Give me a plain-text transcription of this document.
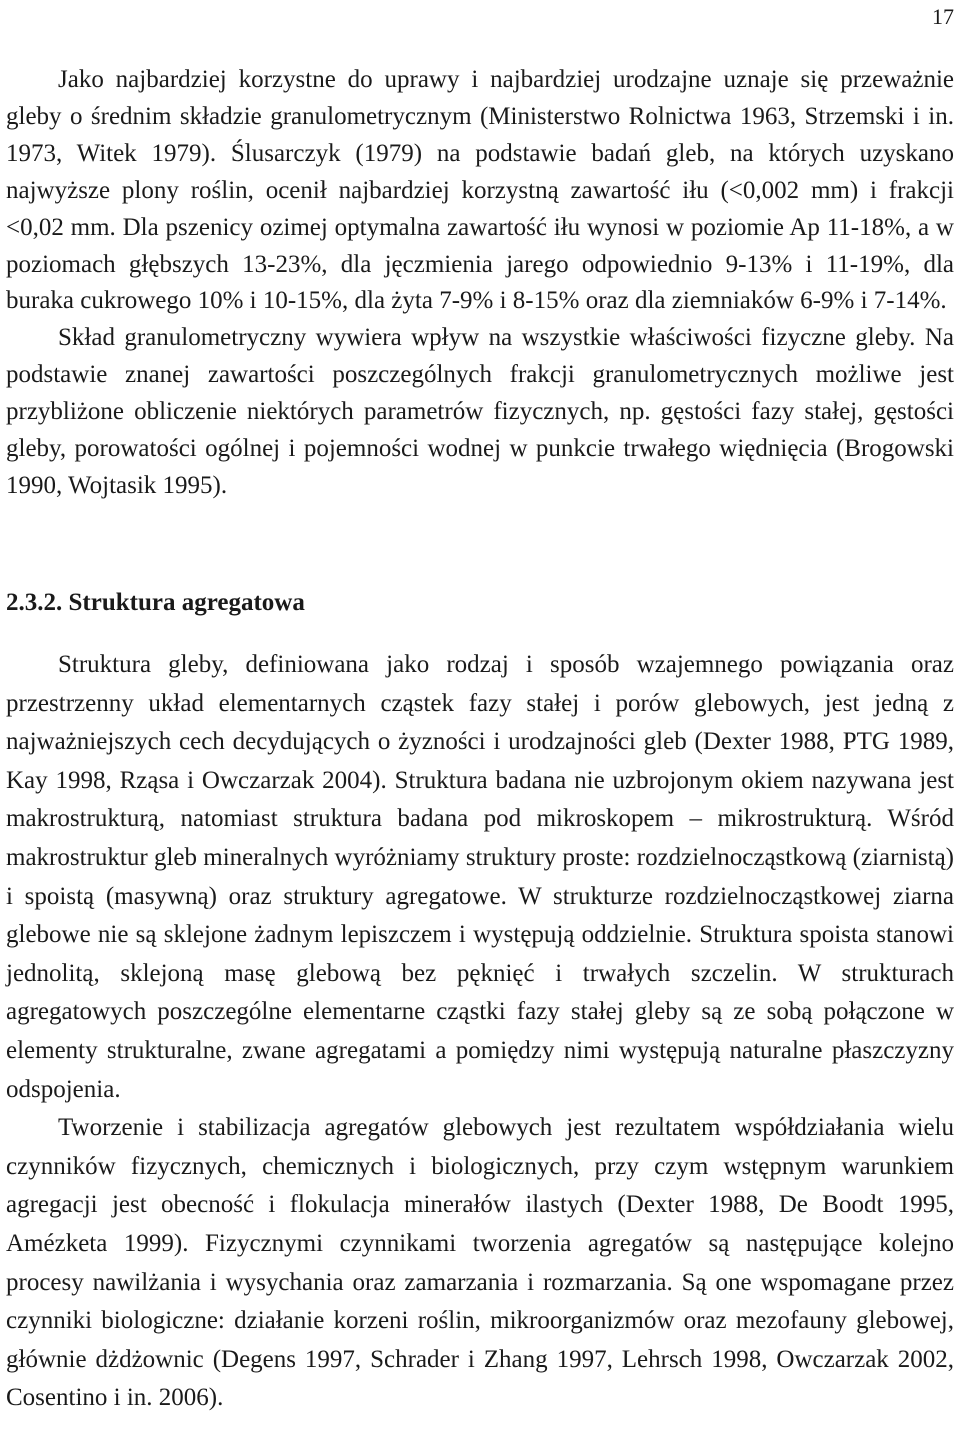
17

Jako najbardziej korzystne do uprawy i najbardziej urodzajne uznaje się przeważnie gleby o średnim składzie granulometrycznym (Ministerstwo Rolnictwa 1963, Strzemski i in. 1973, Witek 1979). Ślusarczyk (1979) na podstawie badań gleb, na których uzyskano najwyższe plony roślin, ocenił najbardziej korzystną zawartość iłu (<0,002 mm) i frakcji <0,02 mm. Dla pszenicy ozimej optymalna zawartość iłu wynosi w poziomie Ap 11-18%, a w poziomach głębszych 13-23%, dla jęczmienia jarego odpowiednio 9-13% i 11-19%, dla buraka cukrowego 10% i 10-15%, dla żyta 7-9% i 8-15% oraz dla ziemniaków 6-9% i 7-14%.

Skład granulometryczny wywiera wpływ na wszystkie właściwości fizyczne gleby. Na podstawie znanej zawartości poszczególnych frakcji granulometrycznych możliwe jest przybliżone obliczenie niektórych parametrów fizycznych, np. gęstości fazy stałej, gęstości gleby, porowatości ogólnej i pojemności wodnej w punkcie trwałego więdnięcia (Brogowski 1990, Wojtasik 1995).

2.3.2. Struktura agregatowa

Struktura gleby, definiowana jako rodzaj i sposób wzajemnego powiązania oraz przestrzenny układ elementarnych cząstek fazy stałej i porów glebowych, jest jedną z najważniejszych cech decydujących o żyzności i urodzajności gleb (Dexter 1988, PTG 1989, Kay 1998, Rząsa i Owczarzak 2004). Struktura badana nie uzbrojonym okiem nazywana jest makrostrukturą, natomiast struktura badana pod mikroskopem – mikrostrukturą. Wśród makrostruktur gleb mineralnych wyróżniamy struktury proste: rozdzielnocząstkową (ziarnistą) i spoistą (masywną) oraz struktury agregatowe. W strukturze rozdzielnocząstkowej ziarna glebowe nie są sklejone żadnym lepiszczem i występują oddzielnie. Struktura spoista stanowi jednolitą, sklejoną masę glebową bez pęknięć i trwałych szczelin. W strukturach agregatowych poszczególne elementarne cząstki fazy stałej gleby są ze sobą połączone w elementy strukturalne, zwane agregatami a pomiędzy nimi występują naturalne płaszczyzny odspojenia.

Tworzenie i stabilizacja agregatów glebowych jest rezultatem współdziałania wielu czynników fizycznych, chemicznych i biologicznych, przy czym wstępnym warunkiem agregacji jest obecność i flokulacja minerałów ilastych (Dexter 1988, De Boodt 1995, Amézketa 1999). Fizycznymi czynnikami tworzenia agregatów są następujące kolejno procesy nawilżania i wysychania oraz zamarzania i rozmarzania. Są one wspomagane przez czynniki biologiczne: działanie korzeni roślin, mikroorganizmów oraz mezofauny glebowej, głównie dżdżownic (Degens 1997, Schrader i Zhang 1997, Lehrsch 1998, Owczarzak 2002, Cosentino i in. 2006).
